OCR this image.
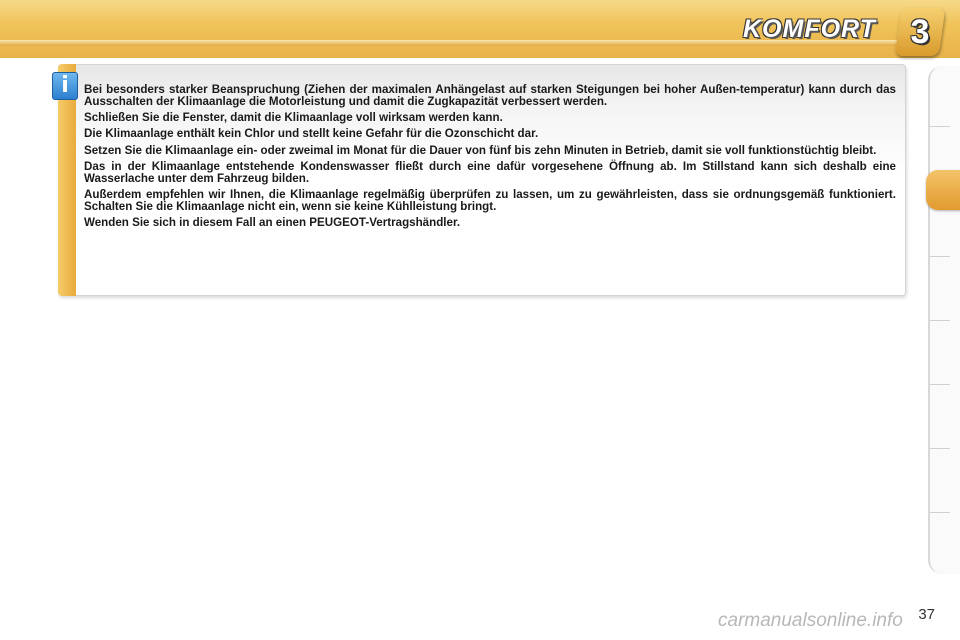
KOMFORT	3
i	Bei besonders starker Beanspruchung (Ziehen der maximalen Anhängelast auf starken Steigungen bei hoher Außen-temperatur) kann durch das Ausschalten der Klimaanlage die Motorleistung und damit die Zugkapazität verbessert werden.

Schließen Sie die Fenster, damit die Klimaanlage voll wirksam werden kann.

Die Klimaanlage enthält kein Chlor und stellt keine Gefahr für die Ozonschicht dar.

Setzen Sie die Klimaanlage ein- oder zweimal im Monat für die Dauer von fünf bis zehn Minuten in Betrieb, damit sie voll funktionstüchtig bleibt.

Das in der Klimaanlage entstehende Kondenswasser fließt durch eine dafür vorgesehene Öffnung ab. Im Stillstand kann sich deshalb eine Wasserlache unter dem Fahrzeug bilden.

Außerdem empfehlen wir Ihnen, die Klimaanlage regelmäßig überprüfen zu lassen, um zu gewährleisten, dass sie ordnungsgemäß funktioniert. Schalten Sie die Klimaanlage nicht ein, wenn sie keine Kühlleistung bringt.

Wenden Sie sich in diesem Fall an einen PEUGEOT-Vertragshändler.

37
carmanualsonline.info
